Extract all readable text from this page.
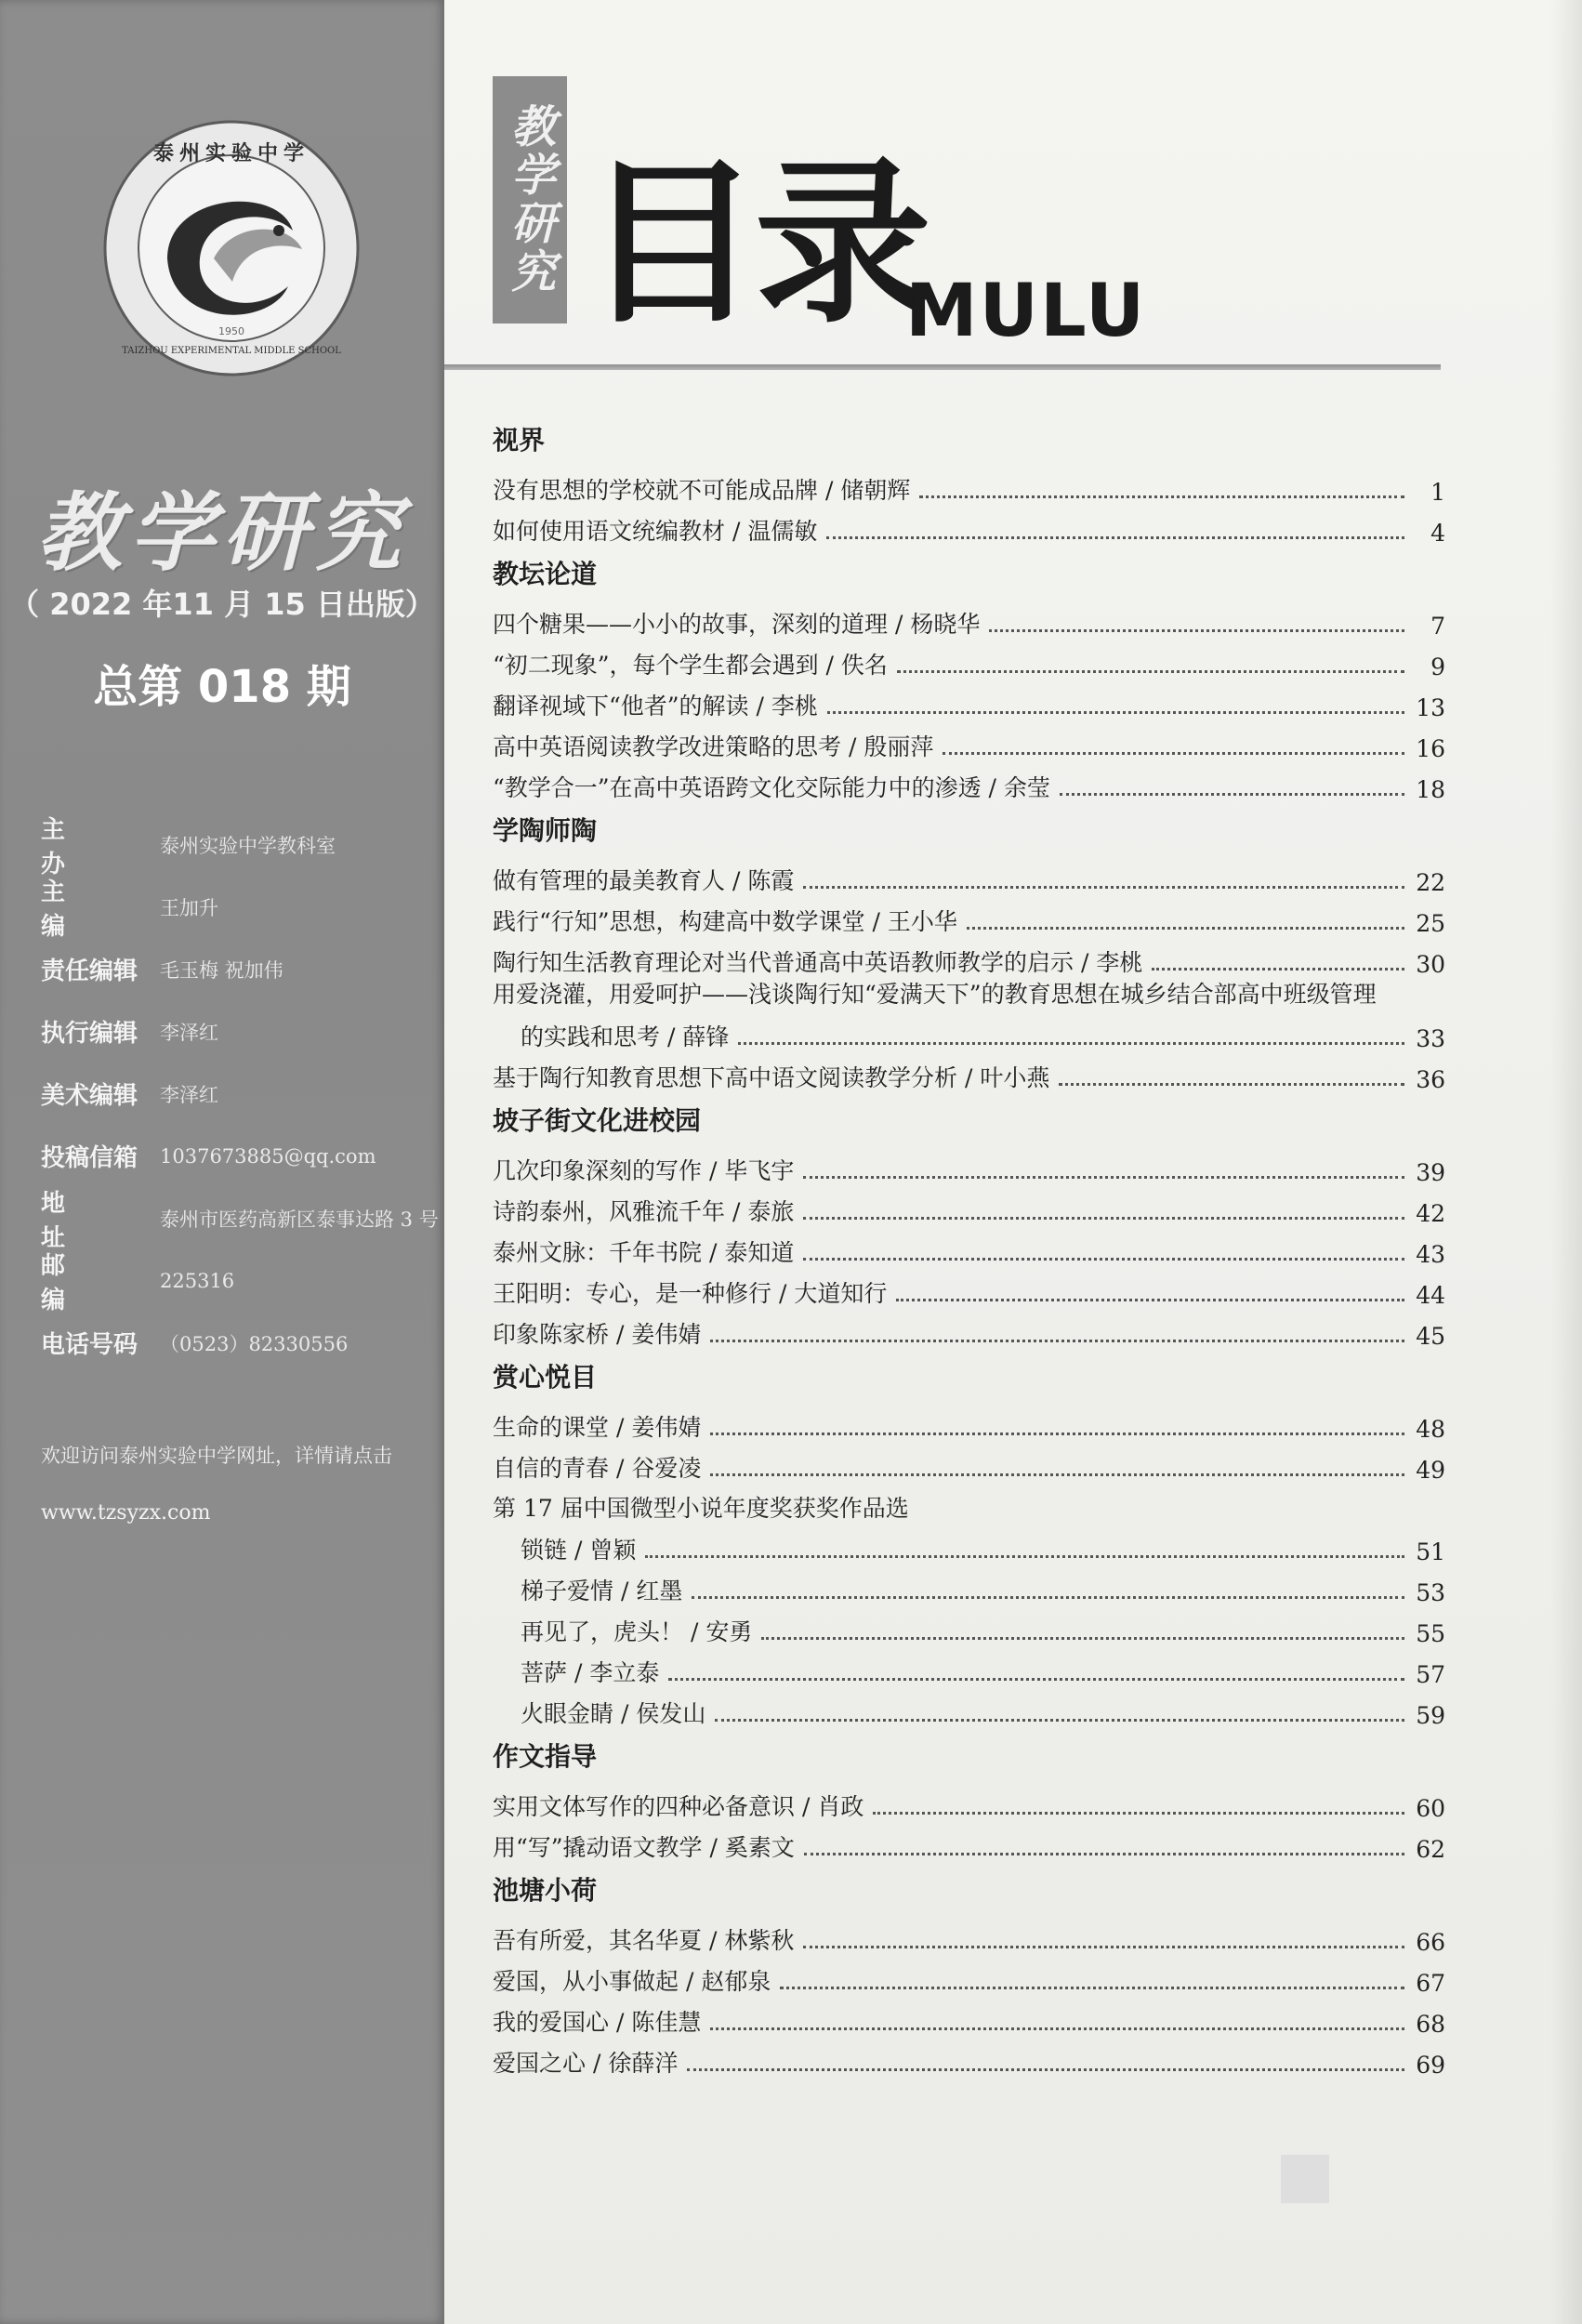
泰州实验中学
TAIZHOU EXPERIMENTAL MIDDLE SCHOOL
1950
教学研究
（ 2022 年11 月 15 日出版）
总第 018 期
主办
泰州实验中学教科室
主编
王加升
责任编辑 毛玉梅 祝加伟
执行编辑 李泽红
美术编辑 李泽红
投稿信箱 1037673885@qq.com
地址
泰州市医药高新区泰事达路 3 号
邮编
225316
电话号码 （0523）82330556
欢迎访问泰州实验中学网址，详情请点击
www.tzsyzx.com
教学研究 目录
MULU
视界
没有思想的学校就不可能成品牌 / 储朝辉	1
如何使用语文统编教材 / 温儒敏	4
教坛论道
四个糖果——小小的故事，深刻的道理 / 杨晓华	7
“初二现象”，每个学生都会遇到 / 佚名	9
翻译视域下“他者”的解读 / 李桃	13
高中英语阅读教学改进策略的思考 / 殷丽萍	16
“教学合一”在高中英语跨文化交际能力中的渗透 / 余莹	18
学陶师陶
做有管理的最美教育人 / 陈霞	22
践行“行知”思想，构建高中数学课堂 / 王小华	25
陶行知生活教育理论对当代普通高中英语教师教学的启示 / 李桃	30
用爱浇灌，用爱呵护——浅谈陶行知“爱满天下”的教育思想在城乡结合部高中班级管理
的实践和思考 / 薛锋	33
基于陶行知教育思想下高中语文阅读教学分析 / 叶小燕	36
坡子街文化进校园
几次印象深刻的写作 / 毕飞宇	39
诗韵泰州，风雅流千年 / 泰旅	42
泰州文脉：千年书院 / 泰知道	43
王阳明：专心，是一种修行 / 大道知行	44
印象陈家桥 / 姜伟婧	45
赏心悦目
生命的课堂 / 姜伟婧	48
自信的青春 / 谷爱凌	49
第 17 届中国微型小说年度奖获奖作品选
锁链 / 曾颖	51
梯子爱情 / 红墨	53
再见了，虎头！ / 安勇	55
菩萨 / 李立泰	57
火眼金睛 / 侯发山	59
作文指导
实用文体写作的四种必备意识 / 肖政	60
用“写”撬动语文教学 / 奚素文	62
池塘小荷
吾有所爱，其名华夏 / 林紫秋	66
爱国，从小事做起 / 赵郁泉	67
我的爱国心 / 陈佳慧	68
爱国之心 / 徐薛洋	69
